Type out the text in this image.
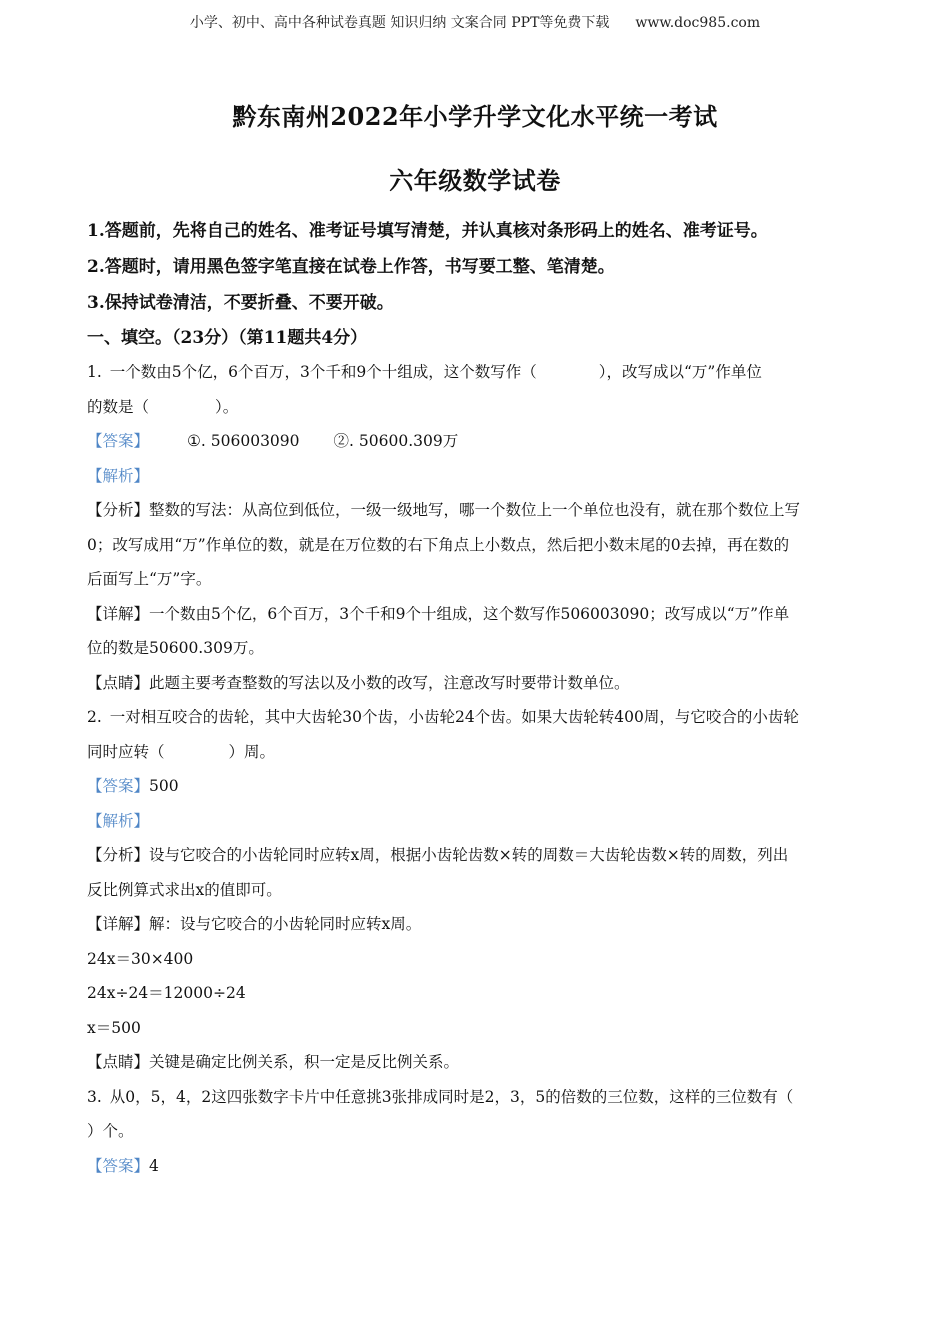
小学、初中、高中各种试卷真题 知识归纳 文案合同 PPT等免费下载 www.doc985.com
黔东南州2022年小学升学文化水平统一考试
六年级数学试卷
1.答题前，先将自己的姓名、准考证号填写清楚，并认真核对条形码上的姓名、准考证号。
2.答题时，请用黑色签字笔直接在试卷上作答，书写要工整、笔清楚。
3.保持试卷清洁，不要折叠、不要开破。
一、填空。（23分）（第11题共4分）
1. 一个数由5个亿，6个百万，3个千和9个十组成，这个数写作（	），改写成以“万”作单位
的数是（	）。
【答案】 ①. 506003090 ②. 50600.309万
【解析】
【分析】整数的写法：从高位到低位，一级一级地写，哪一个数位上一个单位也没有，就在那个数位上写
0；改写成用“万”作单位的数，就是在万位数的右下角点上小数点，然后把小数末尾的0去掉，再在数的
后面写上“万”字。
【详解】一个数由5个亿，6个百万，3个千和9个十组成，这个数写作506003090；改写成以“万”作单
位的数是50600.309万。
【点睛】此题主要考查整数的写法以及小数的改写，注意改写时要带计数单位。
2. 一对相互咬合的齿轮，其中大齿轮30个齿，小齿轮24个齿。如果大齿轮转400周，与它咬合的小齿轮
同时应转（	）周。
【答案】500
【解析】
【分析】设与它咬合的小齿轮同时应转x周，根据小齿轮齿数×转的周数＝大齿轮齿数×转的周数，列出
反比例算式求出x的值即可。
【详解】解：设与它咬合的小齿轮同时应转x周。
24x＝30×400
24x÷24＝12000÷24
x＝500
【点睛】关键是确定比例关系，积一定是反比例关系。
3. 从0，5，4，2这四张数字卡片中任意挑3张排成同时是2，3，5的倍数的三位数，这样的三位数有（
）个。
【答案】4
